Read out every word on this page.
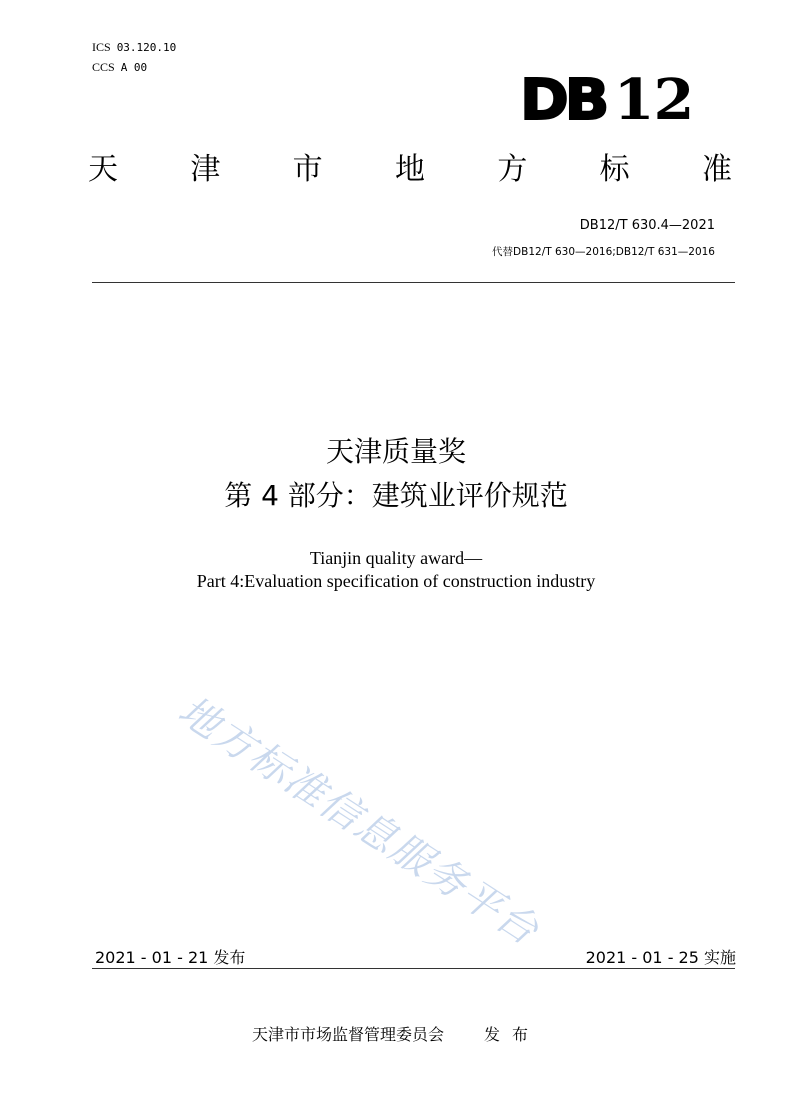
ICS 03.120.10
CCS A 00
DB 12
天 津 市 地 方 标 准
DB12/T 630.4—2021
代替DB12/T 630—2016;DB12/T 631—2016
天津质量奖
第 4 部分：建筑业评价规范
Tianjin quality award—
Part 4:Evaluation specification of construction industry
地方标准信息服务平台
2021 - 01 - 21 发布	2021 - 01 - 25 实施
天津市市场监督管理委员会	发布
